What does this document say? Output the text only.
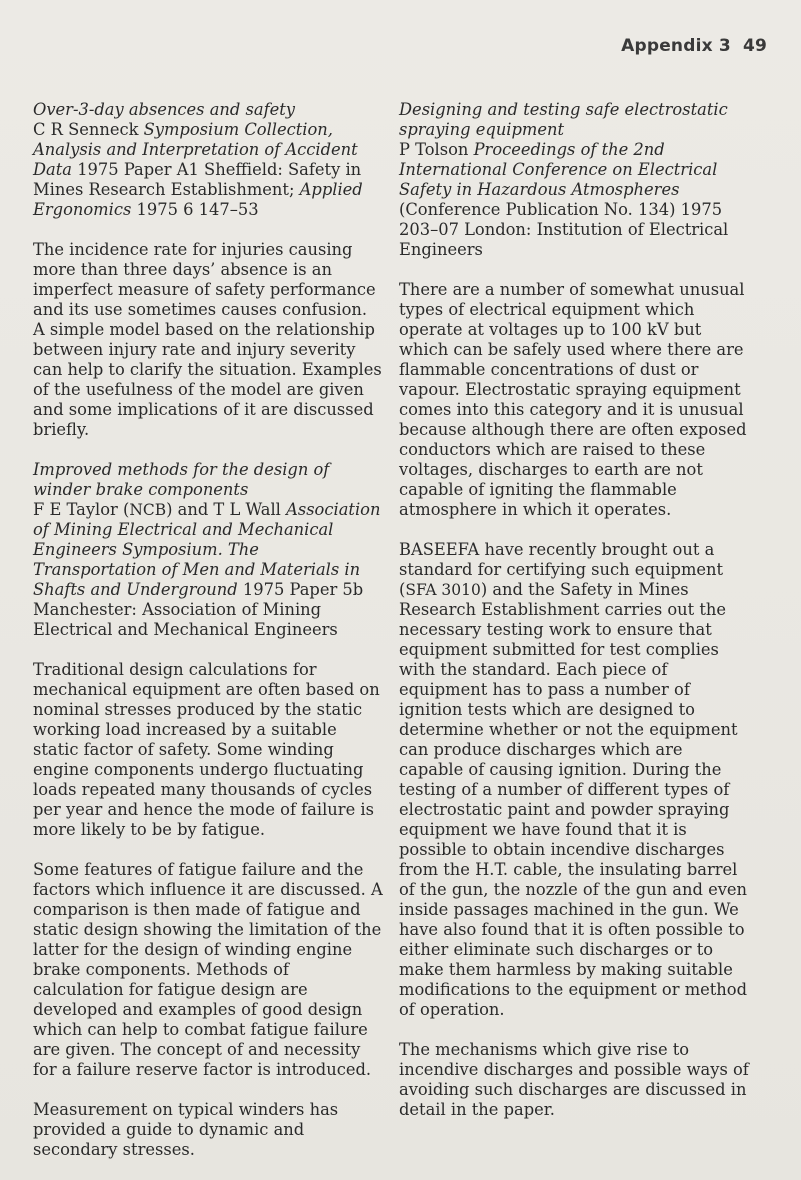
Appendix 3 49

Over-3-day absences and safety

C R Senneck Symposium Collection, Analysis and Interpretation of Accident Data 1975 Paper A1 Sheffield: Safety in Mines Research Establishment; Applied Ergonomics 1975 6 147–53

The incidence rate for injuries causing more than three days’ absence is an imperfect measure of safety performance and its use sometimes causes confusion. A simple model based on the relationship between injury rate and injury severity can help to clarify the situation. Examples of the usefulness of the model are given and some implications of it are discussed briefly.

Improved methods for the design of winder brake components

F E Taylor (NCB) and T L Wall Association of Mining Electrical and Mechanical Engineers Symposium. The Transportation of Men and Materials in Shafts and Underground 1975 Paper 5b Manchester: Association of Mining Electrical and Mechanical Engineers

Traditional design calculations for mechanical equipment are often based on nominal stresses produced by the static working load increased by a suitable static factor of safety. Some winding engine components undergo fluctuating loads repeated many thousands of cycles per year and hence the mode of failure is more likely to be by fatigue.

Some features of fatigue failure and the factors which influence it are discussed. A comparison is then made of fatigue and static design showing the limitation of the latter for the design of winding engine brake components. Methods of calculation for fatigue design are developed and examples of good design which can help to combat fatigue failure are given. The concept of and necessity for a failure reserve factor is introduced.

Measurement on typical winders has provided a guide to dynamic and secondary stresses.

Designing and testing safe electrostatic spraying equipment

P Tolson Proceedings of the 2nd International Conference on Electrical Safety in Hazardous Atmospheres (Conference Publication No. 134) 1975 203–07 London: Institution of Electrical Engineers

There are a number of somewhat unusual types of electrical equipment which operate at voltages up to 100 kV but which can be safely used where there are flammable concentrations of dust or vapour. Electrostatic spraying equipment comes into this category and it is unusual because although there are often exposed conductors which are raised to these voltages, discharges to earth are not capable of igniting the flammable atmosphere in which it operates.

BASEEFA have recently brought out a standard for certifying such equipment (SFA 3010) and the Safety in Mines Research Establishment carries out the necessary testing work to ensure that equipment submitted for test complies with the standard. Each piece of equipment has to pass a number of ignition tests which are designed to determine whether or not the equipment can produce discharges which are capable of causing ignition. During the testing of a number of different types of electrostatic paint and powder spraying equipment we have found that it is possible to obtain incendive discharges from the H.T. cable, the insulating barrel of the gun, the nozzle of the gun and even inside passages machined in the gun. We have also found that it is often possible to either eliminate such discharges or to make them harmless by making suitable modifications to the equipment or method of operation.

The mechanisms which give rise to incendive discharges and possible ways of avoiding such discharges are discussed in detail in the paper.
